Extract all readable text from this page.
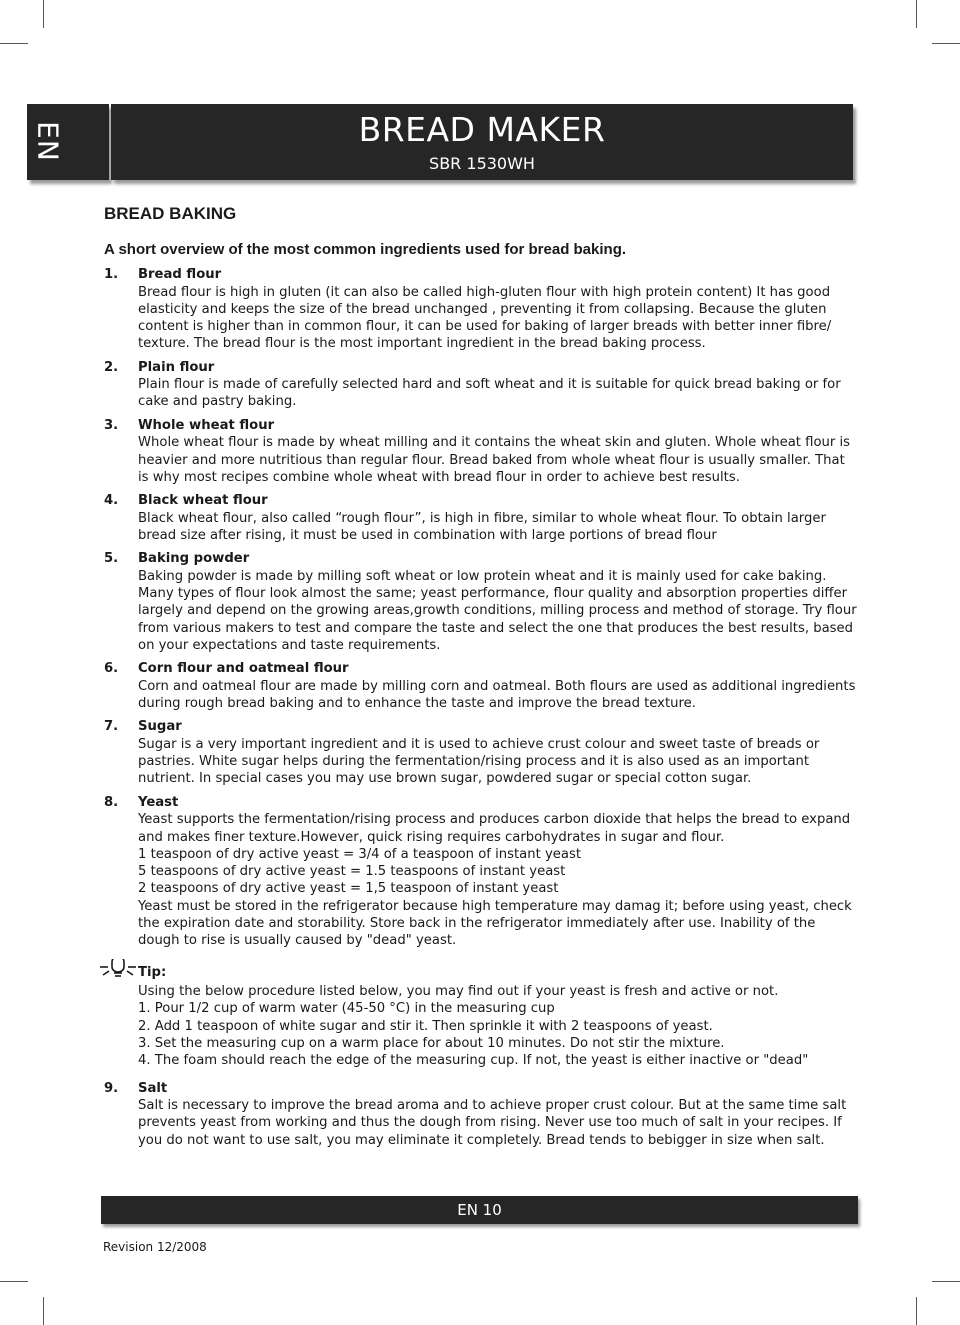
EN	BREAD MAKER
SBR 1530WH
BREAD BAKING
A short overview of the most common ingredients used for bread baking.
1. Bread flour
Bread flour is high in gluten (it can also be called high-gluten flour with high protein content) It has good elasticity and keeps the size of the bread unchanged , preventing it from collapsing. Because the gluten content is higher than in common flour, it can be used for baking of larger breads with better inner fibre/ texture. The bread flour is the most important ingredient in the bread baking process.
2. Plain flour
Plain flour is made of carefully selected hard and soft wheat and it is suitable for quick bread baking or for cake and pastry baking.
3. Whole wheat flour
Whole wheat flour is made by wheat milling and it contains the wheat skin and gluten. Whole wheat flour is heavier and more nutritious than regular flour. Bread baked from whole wheat flour is usually smaller. That is why most recipes combine whole wheat with bread flour in order to achieve best results.
4. Black wheat flour
Black wheat flour, also called “rough flour”, is high in fibre, similar to whole wheat flour. To obtain larger bread size after rising, it must be used in combination with large portions of bread flour
5. Baking powder
Baking powder is made by milling soft wheat or low protein wheat and it is mainly used for cake baking. Many types of flour look almost the same; yeast performance, flour quality and absorption properties differ largely and depend on the growing areas,growth conditions, milling process and method of storage. Try flour from various makers to test and compare the taste and select the one that produces the best results, based on your expectations and taste requirements.
6. Corn flour and oatmeal flour
Corn and oatmeal flour are made by milling corn and oatmeal. Both flours are used as additional ingredients during rough bread baking and to enhance the taste and improve the bread texture.
7. Sugar
Sugar is a very important ingredient and it is used to achieve crust colour and sweet taste of breads or pastries. White sugar helps during the fermentation/rising process and it is also used as an important nutrient. In special cases you may use brown sugar, powdered sugar or special cotton sugar.
8. Yeast
Yeast supports the fermentation/rising process and produces carbon dioxide that helps the bread to expand and makes finer texture.However, quick rising requires carbohydrates in sugar and flour.
1 teaspoon of dry active yeast = 3/4 of a teaspoon of instant yeast
5 teaspoons of dry active yeast = 1.5 teaspoons of instant yeast
2 teaspoons of dry active yeast = 1,5 teaspoon of instant yeast
Yeast must be stored in the refrigerator because high temperature may damag it; before using yeast, check the expiration date and storability. Store back in the refrigerator immediately after use. Inability of the dough to rise is usually caused by "dead" yeast.
Tip:
Using the below procedure listed below, you may find out if your yeast is fresh and active or not.
1. Pour 1/2 cup of warm water (45-50 °C) in the measuring cup
2. Add 1 teaspoon of white sugar and stir it. Then sprinkle it with 2 teaspoons of yeast.
3. Set the measuring cup on a warm place for about 10 minutes. Do not stir the mixture.
4. The foam should reach the edge of the measuring cup. If not, the yeast is either inactive or "dead"
9. Salt
Salt is necessary to improve the bread aroma and to achieve proper crust colour. But at the same time salt prevents yeast from working and thus the dough from rising. Never use too much of salt in your recipes. If you do not want to use salt, you may eliminate it completely. Bread tends to bebigger in size when salt.
EN 10
Revision 12/2008
